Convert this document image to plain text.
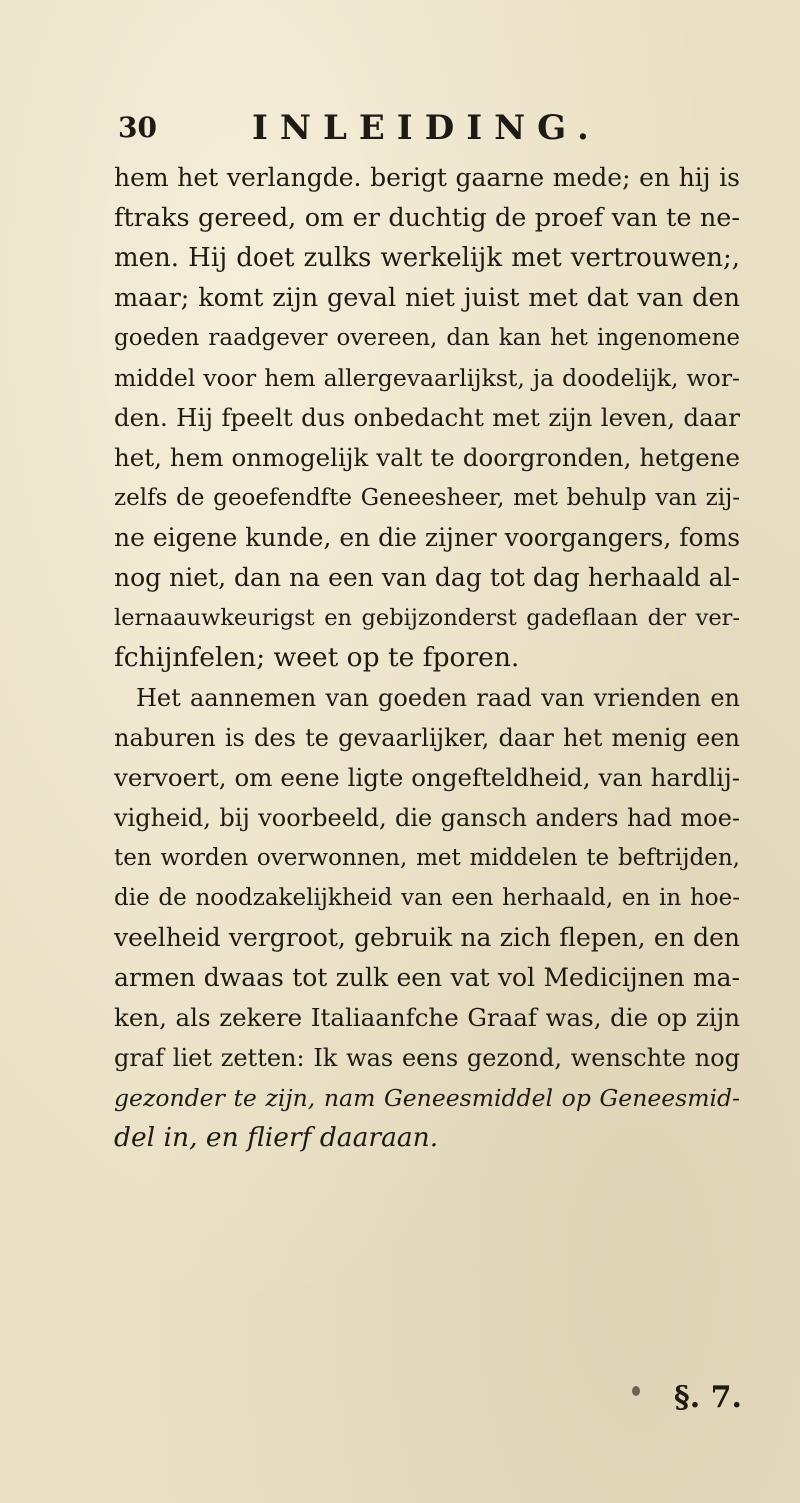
30	INLEIDING.
hem het verlangde. berigt gaarne mede; en hij is
ftraks gereed, om er duchtig de proef van te ne-
men. Hij doet zulks werkelijk met vertrouwen;,
maar; komt zijn geval niet juist met dat van den
goeden raadgever overeen, dan kan het ingenomene
middel voor hem allergevaarlijkst, ja doodelijk, wor-
den. Hij fpeelt dus onbedacht met zijn leven, daar
het, hem onmogelijk valt te doorgronden, hetgene
zelfs de geoefendfte Geneesheer, met behulp van zij-
ne eigene kunde, en die zijner voorgangers, foms
nog niet, dan na een van dag tot dag herhaald al-
lernaauwkeurigst en gebijzonderst gadeflaan der ver-
fchijnfelen; weet op te fporen.
Het aannemen van goeden raad van vrienden en
naburen is des te gevaarlijker, daar het menig een
vervoert, om eene ligte ongefteldheid, van hardlij-
vigheid, bij voorbeeld, die gansch anders had moe-
ten worden overwonnen, met middelen te beftrijden,
die de noodzakelijkheid van een herhaald, en in hoe-
veelheid vergroot, gebruik na zich flepen, en den
armen dwaas tot zulk een vat vol Medicijnen ma-
ken, als zekere Italiaanfche Graaf was, die op zijn
graf liet zetten: Ik was eens gezond, wenschte nog
gezonder te zijn, nam Geneesmiddel op Geneesmid-
del in, en flierf daaraan.
§. 7.
